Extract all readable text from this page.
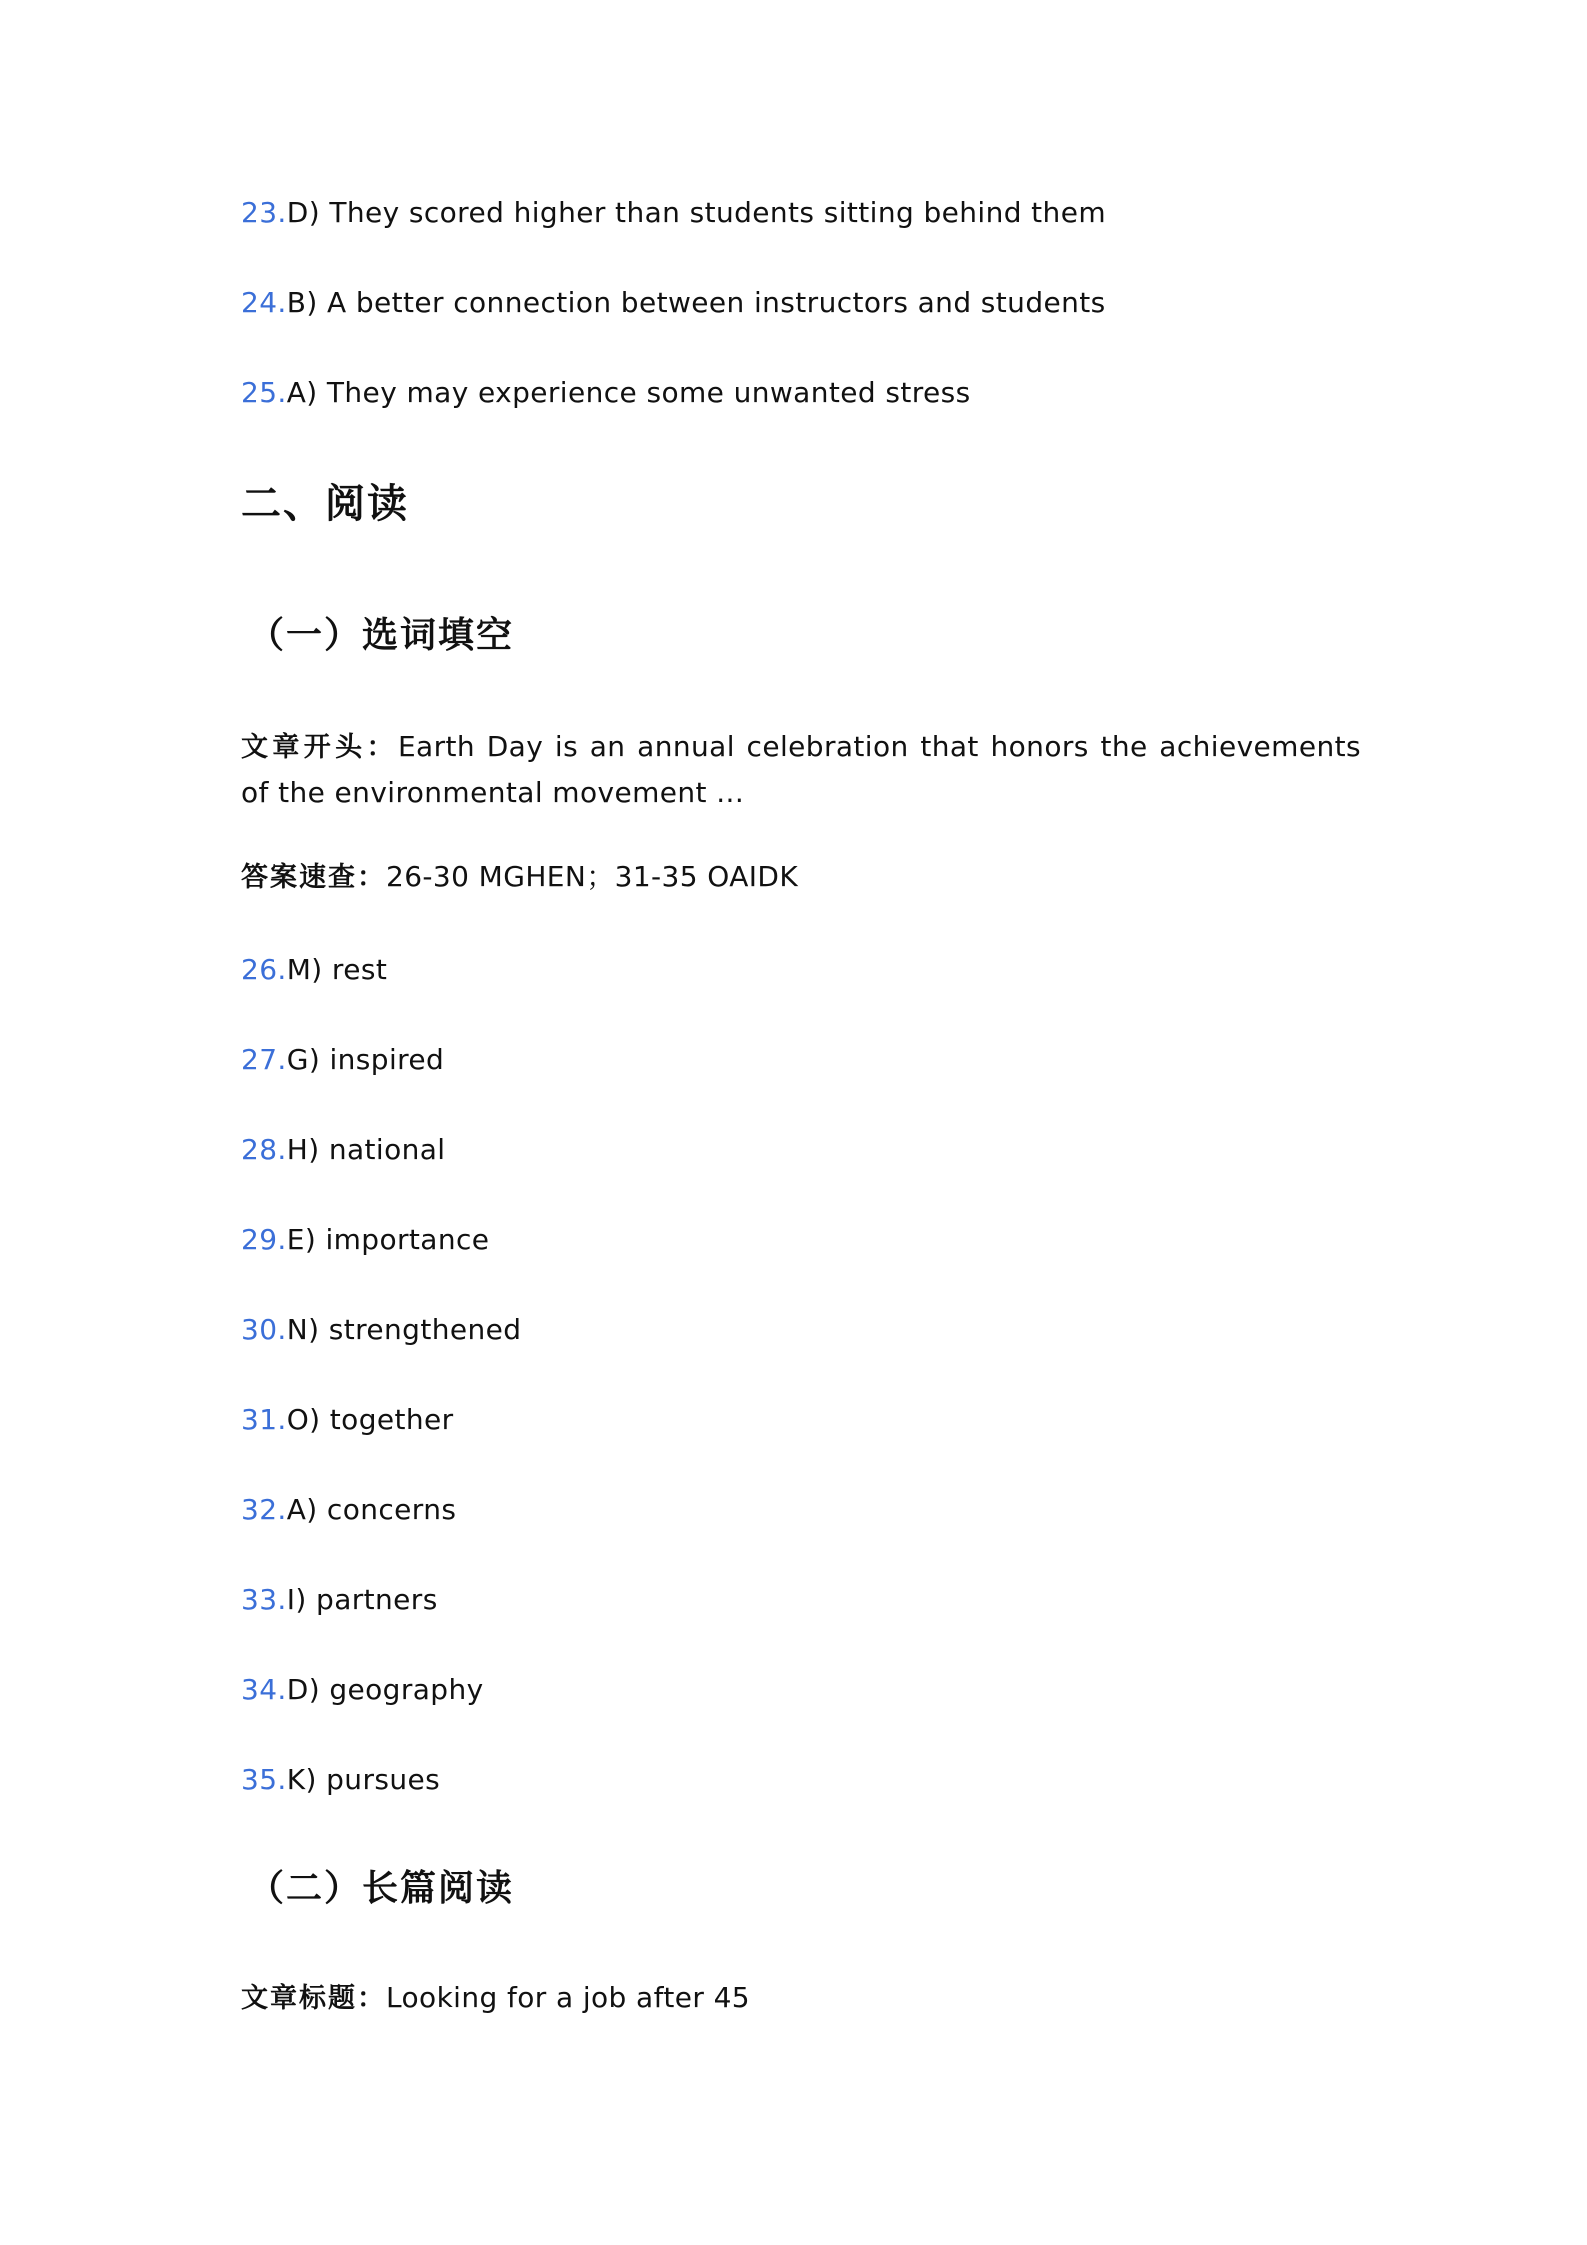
23.D) They scored higher than students sitting behind them
24.B) A better connection between instructors and students
25.A) They may experience some unwanted stress
二、阅读
（一）选词填空
文章开头：Earth Day is an annual celebration that honors the achievements of the environmental movement ...
答案速查：26-30 MGHEN；31-35 OAIDK
26.M) rest
27.G) inspired
28.H) national
29.E) importance
30.N) strengthened
31.O) together
32.A) concerns
33.I) partners
34.D) geography
35.K) pursues
（二）长篇阅读
文章标题：Looking for a job after 45
